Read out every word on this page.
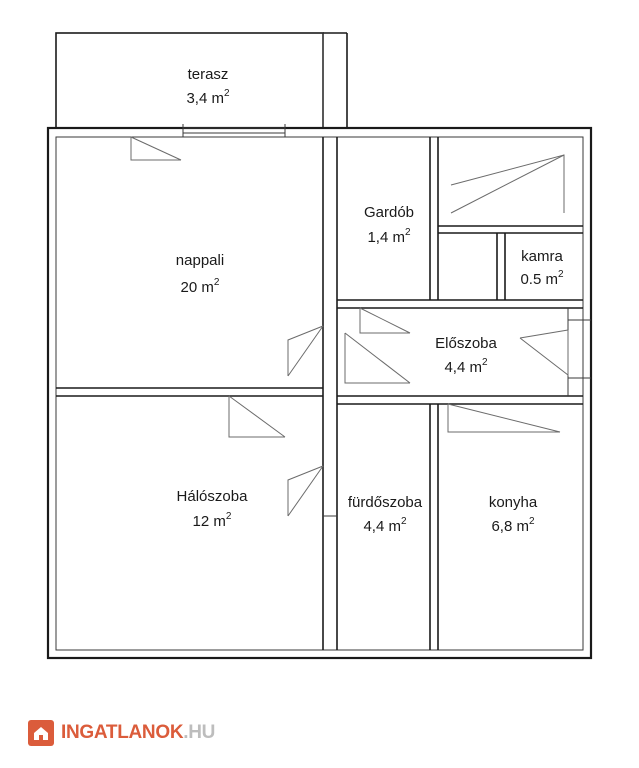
terasz
3,4 $m^2$
nappali
20 $m^2$
Gardób
1,4 $m^2$
kamra
0.5 $m^2$
Előszoba
4,4 $m^2$
Hálószoba
12 $m^2$
fürdőszoba
4,4 $m^2$
konyha
6,8 $m^2$
INGATLANOK.HU
